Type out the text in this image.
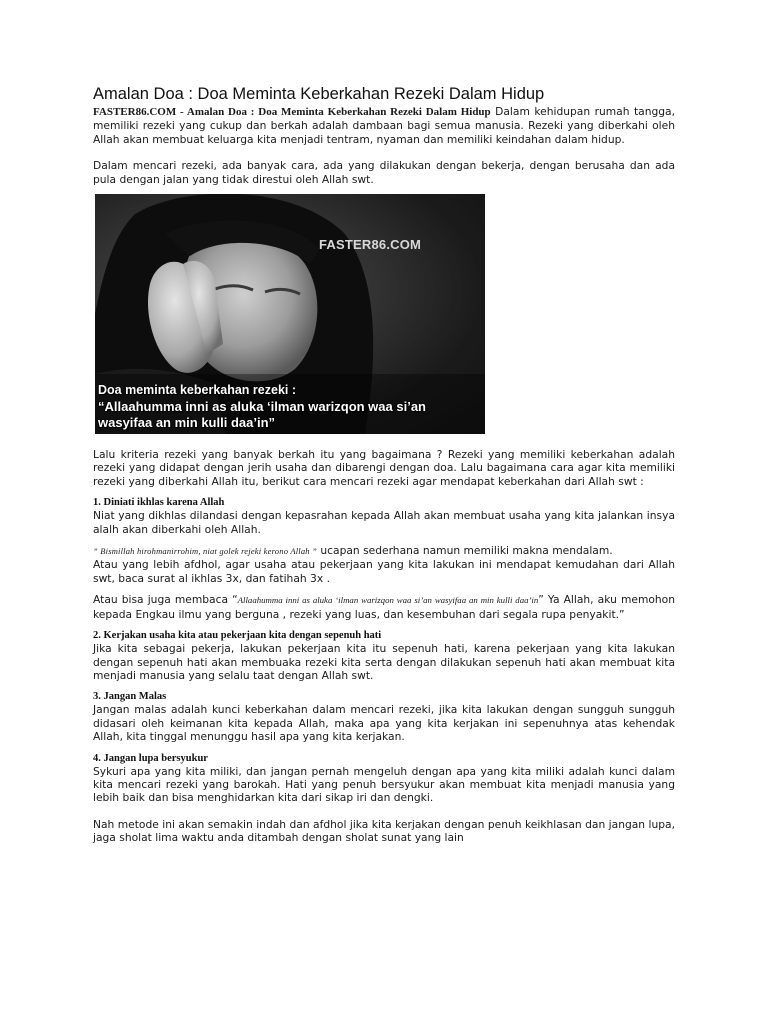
Amalan Doa : Doa Meminta Keberkahan Rezeki Dalam Hidup

FASTER86.COM - Amalan Doa : Doa Meminta Keberkahan Rezeki Dalam Hidup Dalam kehidupan rumah tangga, memiliki rezeki yang cukup dan berkah adalah dambaan bagi semua manusia. Rezeki yang diberkahi oleh Allah akan membuat keluarga kita menjadi tentram, nyaman dan memiliki keindahan dalam hidup.

Dalam mencari rezeki, ada banyak cara, ada yang dilakukan dengan bekerja, dengan berusaha dan ada pula dengan jalan yang tidak direstui oleh Allah swt.

FASTER86.COM
Doa meminta keberkahan rezeki :
“Allaahumma inni as aluka ‘ilman warizqon waa si’an
wasyifaa an min kulli daa’in”

Lalu kriteria rezeki yang banyak berkah itu yang bagaimana ? Rezeki yang memiliki keberkahan adalah rezeki yang didapat dengan jerih usaha dan dibarengi dengan doa. Lalu bagaimana cara agar kita memiliki rezeki yang diberkahi Allah itu, berikut cara mencari rezeki agar mendapat keberkahan dari Allah swt :

1. Diniati ikhlas karena Allah

Niat yang dikhlas dilandasi dengan kepasrahan kepada Allah akan membuat usaha yang kita jalankan insya alalh akan diberkahi oleh Allah.

” Bismillah hirohmanirrohim, niat golek rejeki kerono Allah ” ucapan sederhana namun memiliki makna mendalam.

Atau yang lebih afdhol, agar usaha atau pekerjaan yang kita lakukan ini mendapat kemudahan dari Allah swt, baca surat al ikhlas 3x, dan fatihah 3x .

Atau bisa juga membaca “Allaahumma inni as aluka ‘ilman warizqon waa si’an wasyifaa an min kulli daa’in” Ya Allah, aku memohon kepada Engkau ilmu yang berguna , rezeki yang luas, dan kesembuhan dari segala rupa penyakit.”

2. Kerjakan usaha kita atau pekerjaan kita dengan sepenuh hati

Jika kita sebagai pekerja, lakukan pekerjaan kita itu sepenuh hati, karena pekerjaan yang kita lakukan dengan sepenuh hati akan membuaka rezeki kita serta dengan dilakukan sepenuh hati akan membuat kita menjadi manusia yang selalu taat dengan Allah swt.

3. Jangan Malas

Jangan malas adalah kunci keberkahan dalam mencari rezeki, jika kita lakukan dengan sungguh sungguh didasari oleh keimanan kita kepada Allah, maka apa yang kita kerjakan ini sepenuhnya atas kehendak Allah, kita tinggal menunggu hasil apa yang kita kerjakan.

4. Jangan lupa bersyukur

Sykuri apa yang kita miliki, dan jangan pernah mengeluh dengan apa yang kita miliki adalah kunci dalam kita mencari rezeki yang barokah. Hati yang penuh bersyukur akan membuat kita menjadi manusia yang lebih baik dan bisa menghidarkan kita dari sikap iri dan dengki.

Nah metode ini akan semakin indah dan afdhol jika kita kerjakan dengan penuh keikhlasan dan jangan lupa, jaga sholat lima waktu anda ditambah dengan sholat sunat yang lain
